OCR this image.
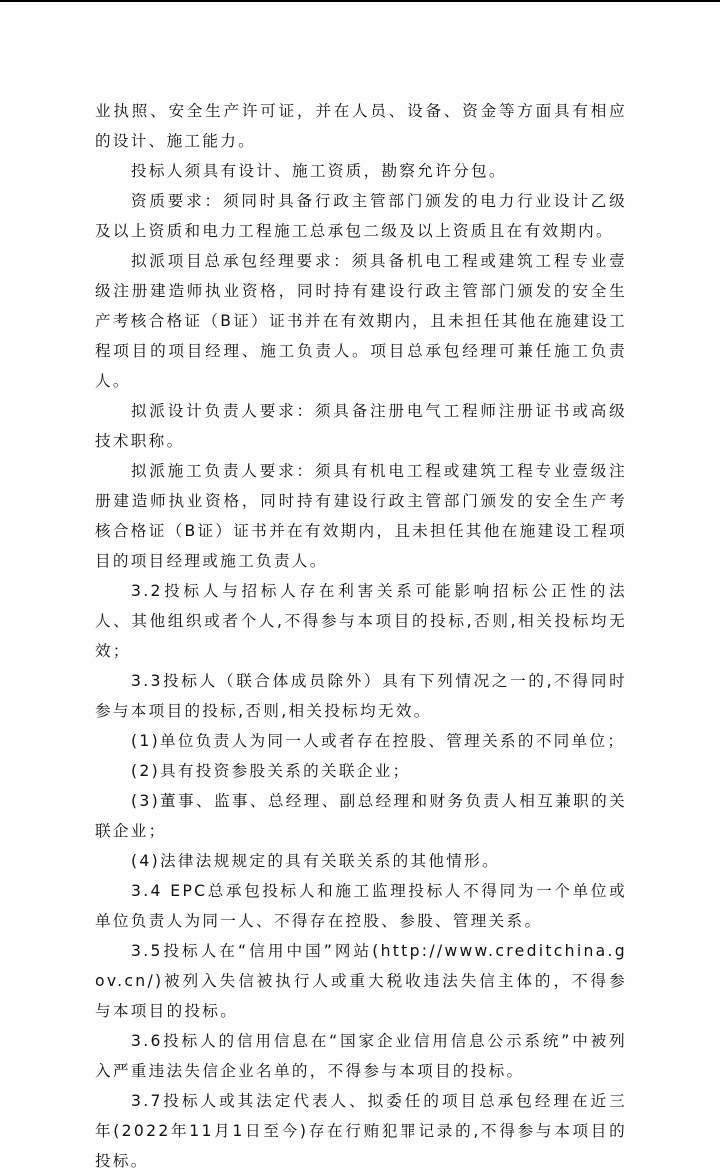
业执照、安全生产许可证，并在人员、设备、资金等方面具有相应的设计、施工能力。

投标人须具有设计、施工资质，勘察允许分包。

资质要求：须同时具备行政主管部门颁发的电力行业设计乙级及以上资质和电力工程施工总承包二级及以上资质且在有效期内。

拟派项目总承包经理要求：须具备机电工程或建筑工程专业壹级注册建造师执业资格，同时持有建设行政主管部门颁发的安全生产考核合格证（B证）证书并在有效期内，且未担任其他在施建设工程项目的项目经理、施工负责人。项目总承包经理可兼任施工负责人。

拟派设计负责人要求：须具备注册电气工程师注册证书或高级技术职称。

拟派施工负责人要求：须具有机电工程或建筑工程专业壹级注册建造师执业资格，同时持有建设行政主管部门颁发的安全生产考核合格证（B证）证书并在有效期内，且未担任其他在施建设工程项目的项目经理或施工负责人。

3.2投标人与招标人存在利害关系可能影响招标公正性的法人、其他组织或者个人,不得参与本项目的投标,否则,相关投标均无效；

3.3投标人（联合体成员除外）具有下列情况之一的,不得同时参与本项目的投标,否则,相关投标均无效。

(1)单位负责人为同一人或者存在控股、管理关系的不同单位；

(2)具有投资参股关系的关联企业；

(3)董事、监事、总经理、副总经理和财务负责人相互兼职的关联企业；

(4)法律法规规定的具有关联关系的其他情形。

3.4 EPC总承包投标人和施工监理投标人不得同为一个单位或单位负责人为同一人、不得存在控股、参股、管理关系。

3.5投标人在“信用中国”网站(http://www.creditchina.gov.cn/)被列入失信被执行人或重大税收违法失信主体的，不得参与本项目的投标。

3.6投标人的信用信息在“国家企业信用信息公示系统”中被列入严重违法失信企业名单的，不得参与本项目的投标。

3.7投标人或其法定代表人、拟委任的项目总承包经理在近三年(2022年11月1日至今)存在行贿犯罪记录的,不得参与本项目的投标。
